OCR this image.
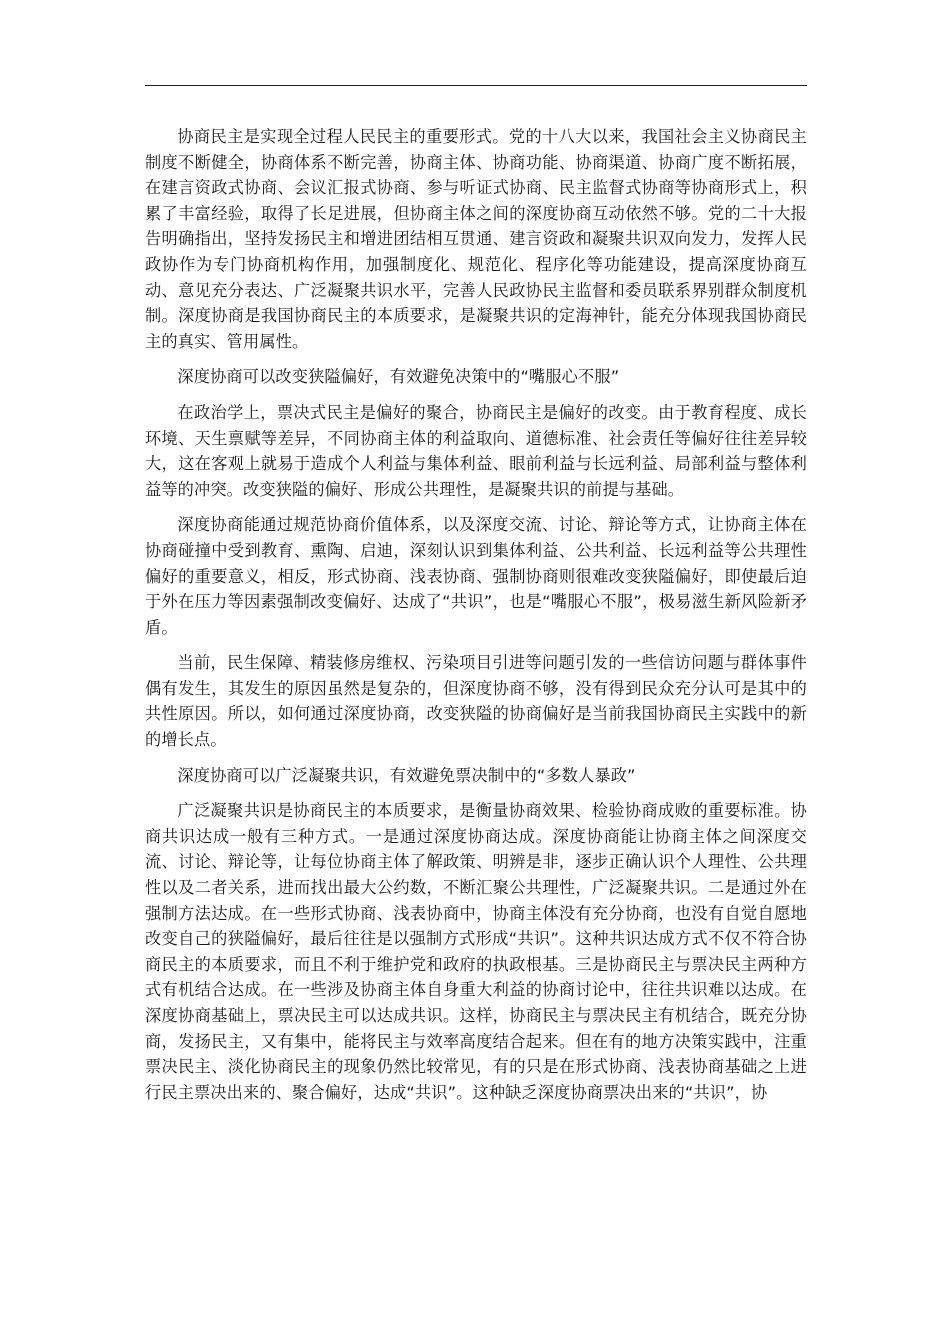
协商民主是实现全过程人民民主的重要形式。党的十八大以来，我国社会主义协商民主制度不断健全，协商体系不断完善，协商主体、协商功能、协商渠道、协商广度不断拓展，在建言资政式协商、会议汇报式协商、参与听证式协商、民主监督式协商等协商形式上，积累了丰富经验，取得了长足进展，但协商主体之间的深度协商互动依然不够。党的二十大报告明确指出，坚持发扬民主和增进团结相互贯通、建言资政和凝聚共识双向发力，发挥人民政协作为专门协商机构作用，加强制度化、规范化、程序化等功能建设，提高深度协商互动、意见充分表达、广泛凝聚共识水平，完善人民政协民主监督和委员联系界别群众制度机制。深度协商是我国协商民主的本质要求，是凝聚共识的定海神针，能充分体现我国协商民主的真实、管用属性。

深度协商可以改变狭隘偏好，有效避免决策中的“嘴服心不服”

在政治学上，票决式民主是偏好的聚合，协商民主是偏好的改变。由于教育程度、成长环境、天生禀赋等差异，不同协商主体的利益取向、道德标准、社会责任等偏好往往差异较大，这在客观上就易于造成个人利益与集体利益、眼前利益与长远利益、局部利益与整体利益等的冲突。改变狭隘的偏好、形成公共理性，是凝聚共识的前提与基础。

深度协商能通过规范协商价值体系，以及深度交流、讨论、辩论等方式，让协商主体在协商碰撞中受到教育、熏陶、启迪，深刻认识到集体利益、公共利益、长远利益等公共理性偏好的重要意义，相反，形式协商、浅表协商、强制协商则很难改变狭隘偏好，即使最后迫于外在压力等因素强制改变偏好、达成了“共识”，也是“嘴服心不服”，极易滋生新风险新矛盾。

当前，民生保障、精装修房维权、污染项目引进等问题引发的一些信访问题与群体事件偶有发生，其发生的原因虽然是复杂的，但深度协商不够，没有得到民众充分认可是其中的共性原因。所以，如何通过深度协商，改变狭隘的协商偏好是当前我国协商民主实践中的新的增长点。

深度协商可以广泛凝聚共识，有效避免票决制中的“多数人暴政”

广泛凝聚共识是协商民主的本质要求，是衡量协商效果、检验协商成败的重要标准。协商共识达成一般有三种方式。一是通过深度协商达成。深度协商能让协商主体之间深度交流、讨论、辩论等，让每位协商主体了解政策、明辨是非，逐步正确认识个人理性、公共理性以及二者关系，进而找出最大公约数，不断汇聚公共理性，广泛凝聚共识。二是通过外在强制方法达成。在一些形式协商、浅表协商中，协商主体没有充分协商，也没有自觉自愿地改变自己的狭隘偏好，最后往往是以强制方式形成“共识”。这种共识达成方式不仅不符合协商民主的本质要求，而且不利于维护党和政府的执政根基。三是协商民主与票决民主两种方式有机结合达成。在一些涉及协商主体自身重大利益的协商讨论中，往往共识难以达成。在深度协商基础上，票决民主可以达成共识。这样，协商民主与票决民主有机结合，既充分协商，发扬民主，又有集中，能将民主与效率高度结合起来。但在有的地方决策实践中，注重票决民主、淡化协商民主的现象仍然比较常见，有的只是在形式协商、浅表协商基础之上进行民主票决出来的、聚合偏好，达成“共识”。这种缺乏深度协商票决出来的“共识”，协
